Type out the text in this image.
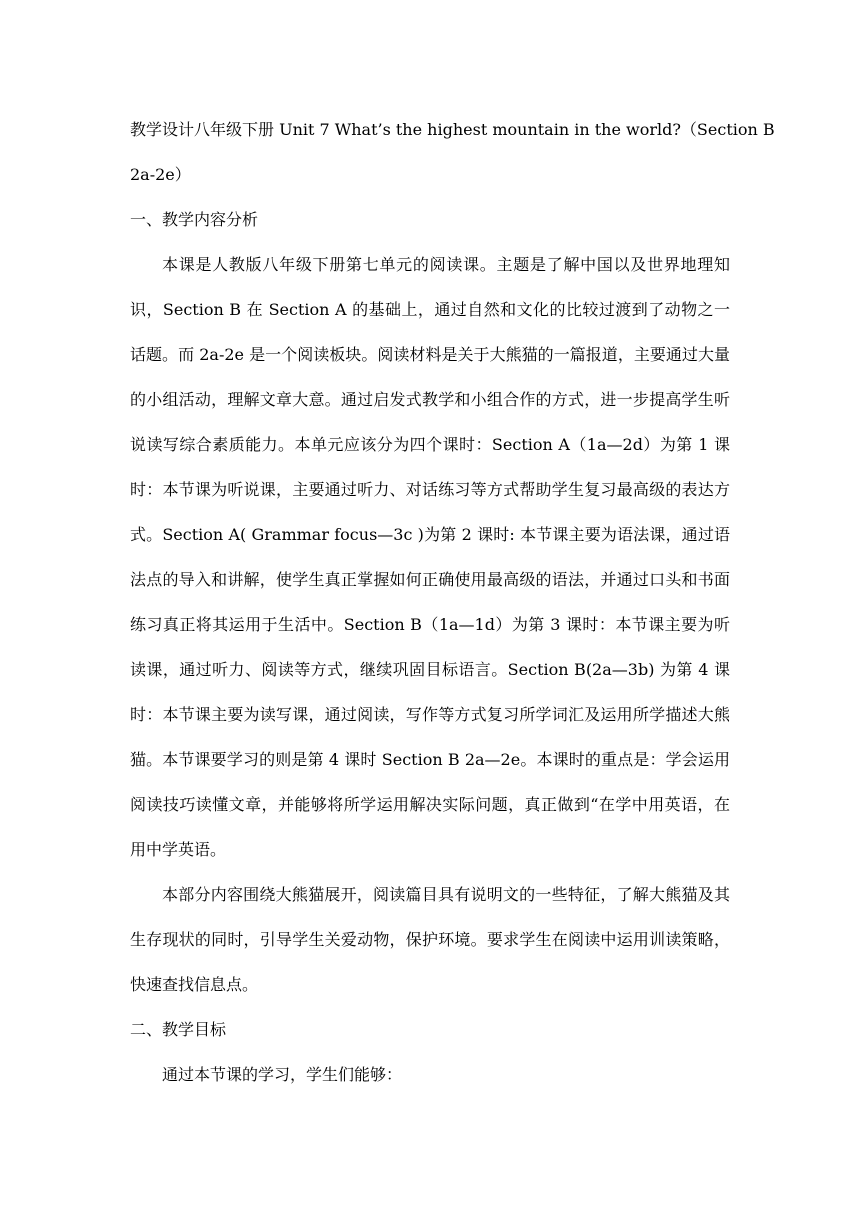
教学设计八年级下册 Unit 7 What’s the highest mountain in the world?（Section B

2a-2e）

一、教学内容分析

本课是人教版八年级下册第七单元的阅读课。主题是了解中国以及世界地理知识，Section B 在 Section A 的基础上，通过自然和文化的比较过渡到了动物之一话题。而 2a-2e 是一个阅读板块。阅读材料是关于大熊猫的一篇报道，主要通过大量的小组活动，理解文章大意。通过启发式教学和小组合作的方式，进一步提高学生听说读写综合素质能力。本单元应该分为四个课时：Section A（1a—2d）为第 1 课时：本节课为听说课，主要通过听力、对话练习等方式帮助学生复习最高级的表达方式。Section A( Grammar focus—3c )为第 2 课时: 本节课主要为语法课，通过语法点的导入和讲解，使学生真正掌握如何正确使用最高级的语法，并通过口头和书面练习真正将其运用于生活中。Section B（1a—1d）为第 3 课时：本节课主要为听读课，通过听力、阅读等方式，继续巩固目标语言。Section B(2a—3b) 为第 4 课时：本节课主要为读写课，通过阅读，写作等方式复习所学词汇及运用所学描述大熊猫。本节课要学习的则是第 4 课时 Section B 2a—2e。本课时的重点是：学会运用阅读技巧读懂文章，并能够将所学运用解决实际问题，真正做到“在学中用英语，在用中学英语。

本部分内容围绕大熊猫展开，阅读篇目具有说明文的一些特征，了解大熊猫及其生存现状的同时，引导学生关爱动物，保护环境。要求学生在阅读中运用训读策略，快速查找信息点。

二、教学目标

通过本节课的学习，学生们能够：
